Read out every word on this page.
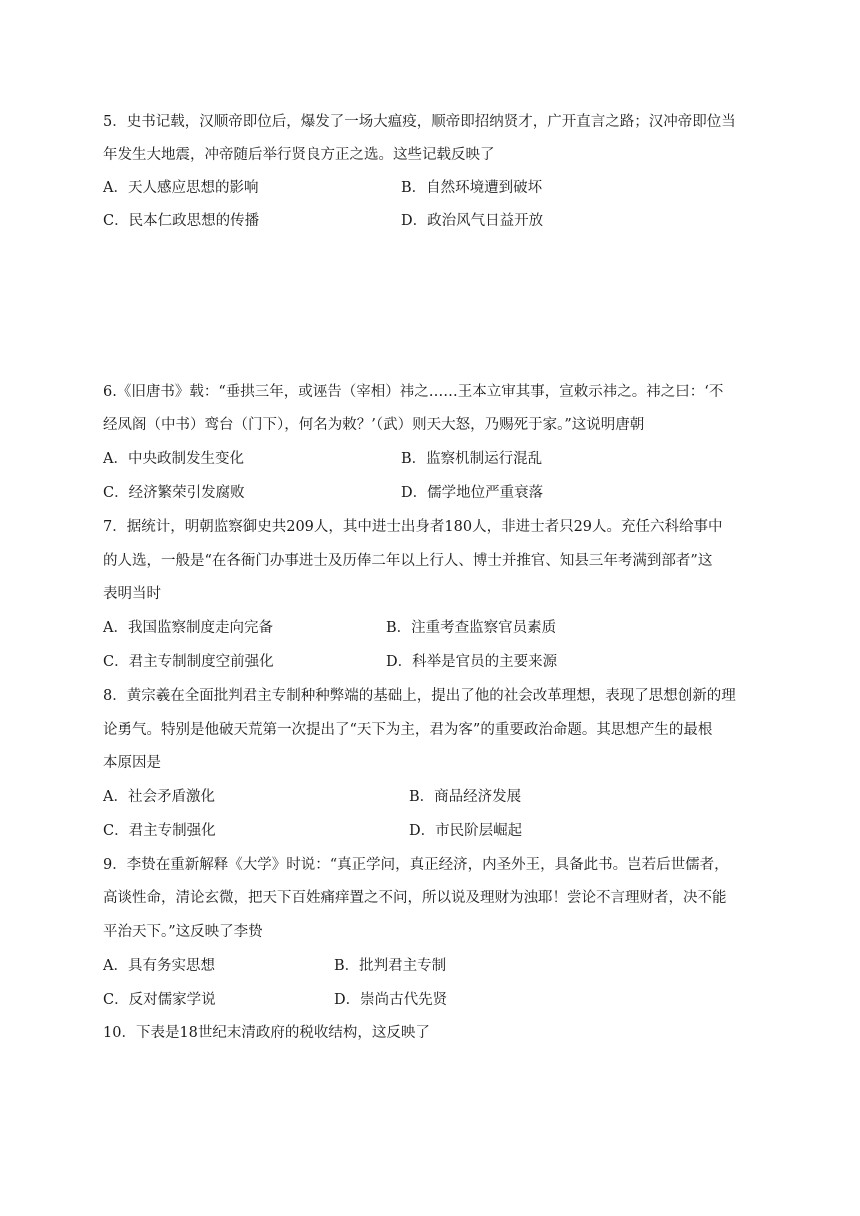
5．史书记载，汉顺帝即位后，爆发了一场大瘟疫，顺帝即招纳贤才，广开直言之路；汉冲帝即位当
年发生大地震，冲帝随后举行贤良方正之选。这些记载反映了
A．天人感应思想的影响	B．自然环境遭到破坏
C．民本仁政思想的传播	D．政治风气日益开放
6.《旧唐书》载：“垂拱三年，或诬告（宰相）祎之……王本立审其事，宣敕示祎之。祎之曰：‘不
经凤阁（中书）鸾台（门下），何名为敕？’（武）则天大怒，乃赐死于家。”这说明唐朝
A．中央政制发生变化	B．监察机制运行混乱
C．经济繁荣引发腐败	D．儒学地位严重衰落
7．据统计，明朝监察御史共209人，其中进士出身者180人，非进士者只29人。充任六科给事中
的人选，一般是“在各衙门办事进士及历俸二年以上行人、博士并推官、知县三年考满到部者”这
表明当时
A．我国监察制度走向完备	B．注重考查监察官员素质
C．君主专制制度空前强化	D．科举是官员的主要来源
8．黄宗羲在全面批判君主专制种种弊端的基础上，提出了他的社会改革理想，表现了思想创新的理
论勇气。特别是他破天荒第一次提出了“天下为主，君为客”的重要政治命题。其思想产生的最根
本原因是
A．社会矛盾激化	B．商品经济发展
C．君主专制强化	D．市民阶层崛起
9．李贽在重新解释《大学》时说：“真正学问，真正经济，内圣外王，具备此书。岂若后世儒者，
高谈性命，清论玄微，把天下百姓痛痒置之不问，所以说及理财为浊耶！尝论不言理财者，决不能
平治天下。”这反映了李贽
A．具有务实思想	B．批判君主专制
C．反对儒家学说	D．崇尚古代先贤
10．下表是18世纪末清政府的税收结构，这反映了
